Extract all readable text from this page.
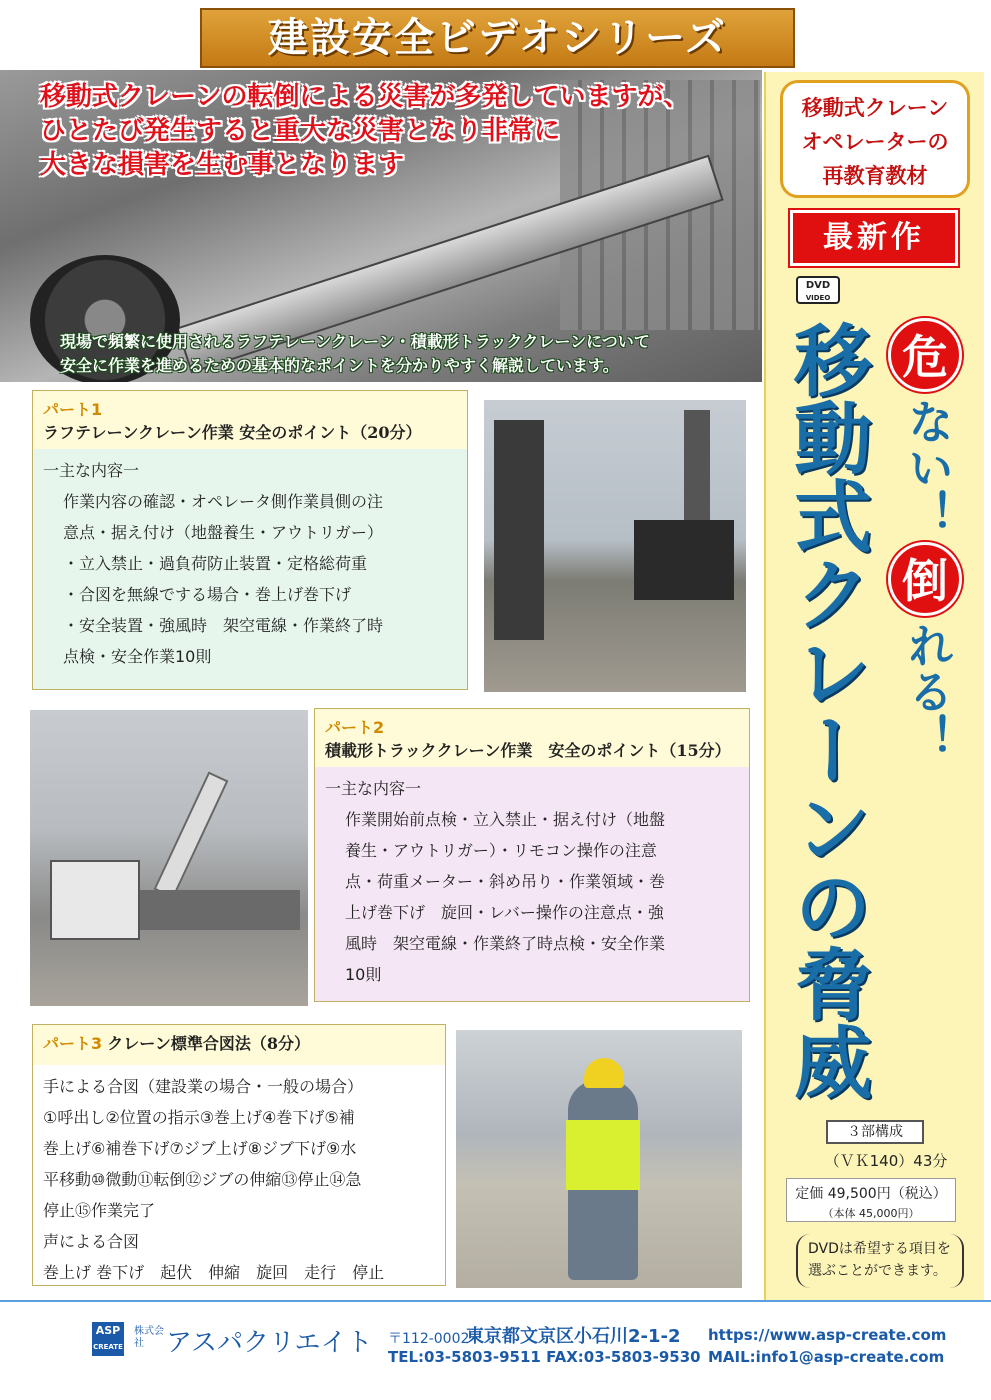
建設安全ビデオシリーズ
移動式クレーンの転倒による災害が多発していますが、
ひとたび発生すると重大な災害となり非常に
大きな損害を生む事となります
現場で頻繁に使用されるラフテレーンクレーン・積載形トラッククレーンについて
安全に作業を進めるための基本的なポイントを分かりやすく解説しています。
移動式クレーン
オペレーターの
再教育教材
最新作
DVD
VIDEO
移動式クレーンの脅威 危
ない！
倒
れる！
３部構成
（ＶＫ140）43分
定価 49,500円（税込）
（本体 45,000円）
DVDは希望する項目を
選ぶことができます。
パート1
ラフテレーンクレーン作業 安全のポイント（20分）
一主な内容一
作業内容の確認・オペレータ側作業員側の注
意点・据え付け（地盤養生・アウトリガー）
・立入禁止・過負荷防止装置・定格総荷重
・合図を無線でする場合・巻上げ巻下げ
・安全装置・強風時　架空電線・作業終了時
点検・安全作業10則
パート2
積載形トラッククレーン作業　安全のポイント（15分）
一主な内容一
作業開始前点検・立入禁止・据え付け（地盤
養生・アウトリガー）・リモコン操作の注意
点・荷重メーター・斜め吊り・作業領域・巻
上げ巻下げ　旋回・レバー操作の注意点・強
風時　架空電線・作業終了時点検・安全作業
10則
パート3 クレーン標準合図法（8分）
手による合図（建設業の場合・一般の場合）
①呼出し②位置の指示③巻上げ④巻下げ⑤補
巻上げ⑥補巻下げ⑦ジブ上げ⑧ジブ下げ⑨水
平移動⑩微動⑪転倒⑫ジブの伸縮⑬停止⑭急
停止⑮作業完了
声による合図
巻上げ 巻下げ　起伏　伸縮　旋回　走行　停止
ASP
CREATE
株式会社 アスパクリエイト 〒112-0002
東京都文京区小石川2-1-2
TEL:03-5803-9511 FAX:03-5803-9530
https://www.asp-create.com
MAIL:info1@asp-create.com
